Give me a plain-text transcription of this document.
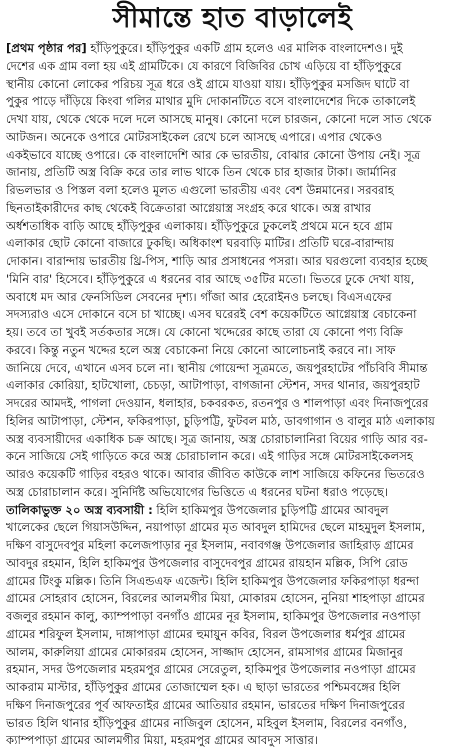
সীমান্তে হাত বাড়ালেই
[প্রথম পৃষ্ঠার পর] হাঁড়িপুকুরে। হাঁড়িপুকুর একটি গ্রাম হলেও এর মালিক বাংলাদেশও। দুই
দেশের এক গ্রাম বলা হয় এই গ্রামটিকে। যে কারণে বিজিবির চোখ এড়িয়ে বা হাঁড়িপুকুরে
স্থানীয় কোনো লোকের পরিচয় সূত্র ধরে ওই গ্রামে যাওয়া যায়। হাঁড়িপুকুর মসজিদ ঘাটে বা
পুকুর পাড়ে দাঁড়িয়ে কিংবা গলির মাথার মুদি দোকানটিতে বসে বাংলাদেশের দিকে তাকালেই
দেখা যায়, থেকে থেকে দলে দলে আসছে মানুষ। কোনো দলে চারজন, কোনো দলে সাত থেকে
আটজন। অনেকে ওপারে মোটরসাইকেল রেখে চলে আসছে এপারে। এপার থেকেও
একইভাবে যাচ্ছে ওপারে। কে বাংলাদেশি আর কে ভারতীয়, বোঝার কোনো উপায় নেই। সূত্র
জানায়, প্রতিটি অস্ত্র বিক্রি করে তার লাভ থাকে তিন থেকে চার হাজার টাকা। জার্মানির
রিভলভার ও পিস্তল বলা হলেও মূলত এগুলো ভারতীয় এবং বেশ উন্নমানের। সরবরাহ
ছিনতাইকারীদের কাছ থেকেই বিক্রেতারা আগ্নেয়াস্ত্র সংগ্রহ করে থাকে। অস্ত্র রাখার
অর্ধশতাধিক বাড়ি আছে হাঁড়িপুকুর এলাকায়। হাঁড়িপুকুরে ঢুকলেই প্রথমে মনে হবে গ্রাম
এলাকার ছোট কোনো বাজারে ঢুকছি। অধিকাংশ ঘরবাড়ি মাটির। প্রতিটি ঘরে-বারান্দায়
দোকান। বারান্দায় ভারতীয় থ্রি-পিস, শাড়ি আর প্রসাধনের পসরা। আর ঘরগুলো ব্যবহার হচ্ছে
'মিনি বার' হিসেবে। হাঁড়িপুকুরে এ ধরনের বার আছে ৩৫টির মতো। ভিতরে ঢুকে দেখা যায়,
অবাধে মদ আর ফেনসিডিল সেবনের দৃশ্য। গাঁজা আর হেরোইনও চলছে। বিএসএফের
সদস্যরাও এসে দোকানে বসে চা খাচ্ছে। এসব ঘরেরই বেশ কয়েকটিতে আগ্নেয়াস্ত্র বেচাকেনা
হয়। তবে তা খুবই সর্তকতার সঙ্গে। যে কোনো খদ্দেরের কাছে তারা যে কোনো পণ্য বিক্রি
করবে। কিন্তু নতুন খদ্দের হলে অস্ত্র বেচাকেনা নিয়ে কোনো আলোচনাই করবে না। সাফ
জানিয়ে দেবে, এখানে এসব চলে না। স্থানীয় গোয়েন্দা সূত্রমতে, জয়পুরহাটের পাঁচবিবি সীমান্ত
এলাকার কোরিয়া, হাটখোলা, চেচড়া, আটাপাড়া, বাগজানা স্টেশন, সদর থানার, জয়পুরহাট
সদরের আমদই, পাগলা দেওয়ান, ধলাহার, চকবরকত, রতনপুর ও শালপাড়া এবং দিনাজপুরের
হিলির আটাপাড়া, স্টেশন, ফকিরপাড়া, চুড়িপট্টি, ফুটবল মাঠ, ডাবগাগান ও বালুর মাঠ এলাকায়
অস্ত্র ব্যবসায়ীদের একাধিক চক্র আছে। সূত্র জানায়, অস্ত্র চোরাচালানিরা বিয়ের গাড়ি আর বর-
কনে সাজিয়ে সেই গাড়িতে করে অস্ত্র চোরাচালান করে। এই গাড়ির সঙ্গে মোটরসাইকেলসহ
আরও কয়েকটি গাড়ির বহরও থাকে। আবার জীবিত কাউকে লাশ সাজিয়ে কফিনের ভিতরেও
অস্ত্র চোরাচালান করে। সুনির্দিষ্ট অভিযোগের ভিত্তিতে এ ধরনের ঘটনা ধরাও পড়েছে।
তালিকাভুক্ত ২০ অস্ত্র ব্যবসায়ী : হিলি হাকিমপুর উপজেলার চুড়িপট্টি গ্রামের আবদুল
খালেকের ছেলে গিয়াসউদ্দিন, নয়াপাড়া গ্রামের মৃত আবদুল হামিদের ছেলে মাহমুদুল ইসলাম,
দক্ষিণ বাসুদেবপুর মহিলা কলেজপাড়ার নূর ইসলাম, নবাবগঞ্জ উপজেলার জাহিরাড় গ্রামের
আবদুর রহমান, হিলি হাকিমপুর উপজেলার বাসুদেবপুর গ্রামের রায়হান মল্লিক, সিপি রোড
গ্রামের টিংকু মল্লিক। তিনি সিএন্ডএফ এজেন্ট। হিলি হাকিমপুর উপজেলার ফকিরপাড়া ধরন্দা
গ্রামের সোহরাব হোসেন, বিরলের আলমগীর মিয়া, মোকারম হোসেন, নুনিয়া শাহপাড়া গ্রামের
বজলুর রহমান কালু, ক্যাম্পপাড়া বনগাঁও গ্রামের নূর ইসলাম, হাকিমপুর উপজেলার নওপাড়া
গ্রামের শরিফুল ইসলাম, দাঙ্গাপাড়া গ্রামের হুমায়ুন কবির, বিরল উপজেলার ধর্মপুর গ্রামের
আলম, কারুলিয়া গ্রামের মোকাররম হোসেন, সাজ্জাদ হোসেন, রামসাগর গ্রামের মিজানুর
রহমান, সদর উপজেলার মহরমপুর গ্রামের সেরেতুল, হাকিমপুর উপজেলার নওপাড়া গ্রামের
আকরাম মাস্টার, হাঁড়িপুকুর গ্রামের তোজাম্মেল হক। এ ছাড়া ভারতের পশ্চিমবঙ্গের হিলি
দক্ষিণ দিনাজপুরের পূর্ব আফতাইর গ্রামের আতিয়ার রহমান, ভারতের দক্ষিণ দিনাজপুরের
ভারত হিলি থানার হাঁড়িপুকুর গ্রামের নাজিবুল হোসেন, মহিবুল ইসলাম, বিরলের বনগাঁও,
ক্যাম্পপাড়া গ্রামের আলমগীর মিয়া, মহরমপুর গ্রামের আবদুস সাত্তার।
